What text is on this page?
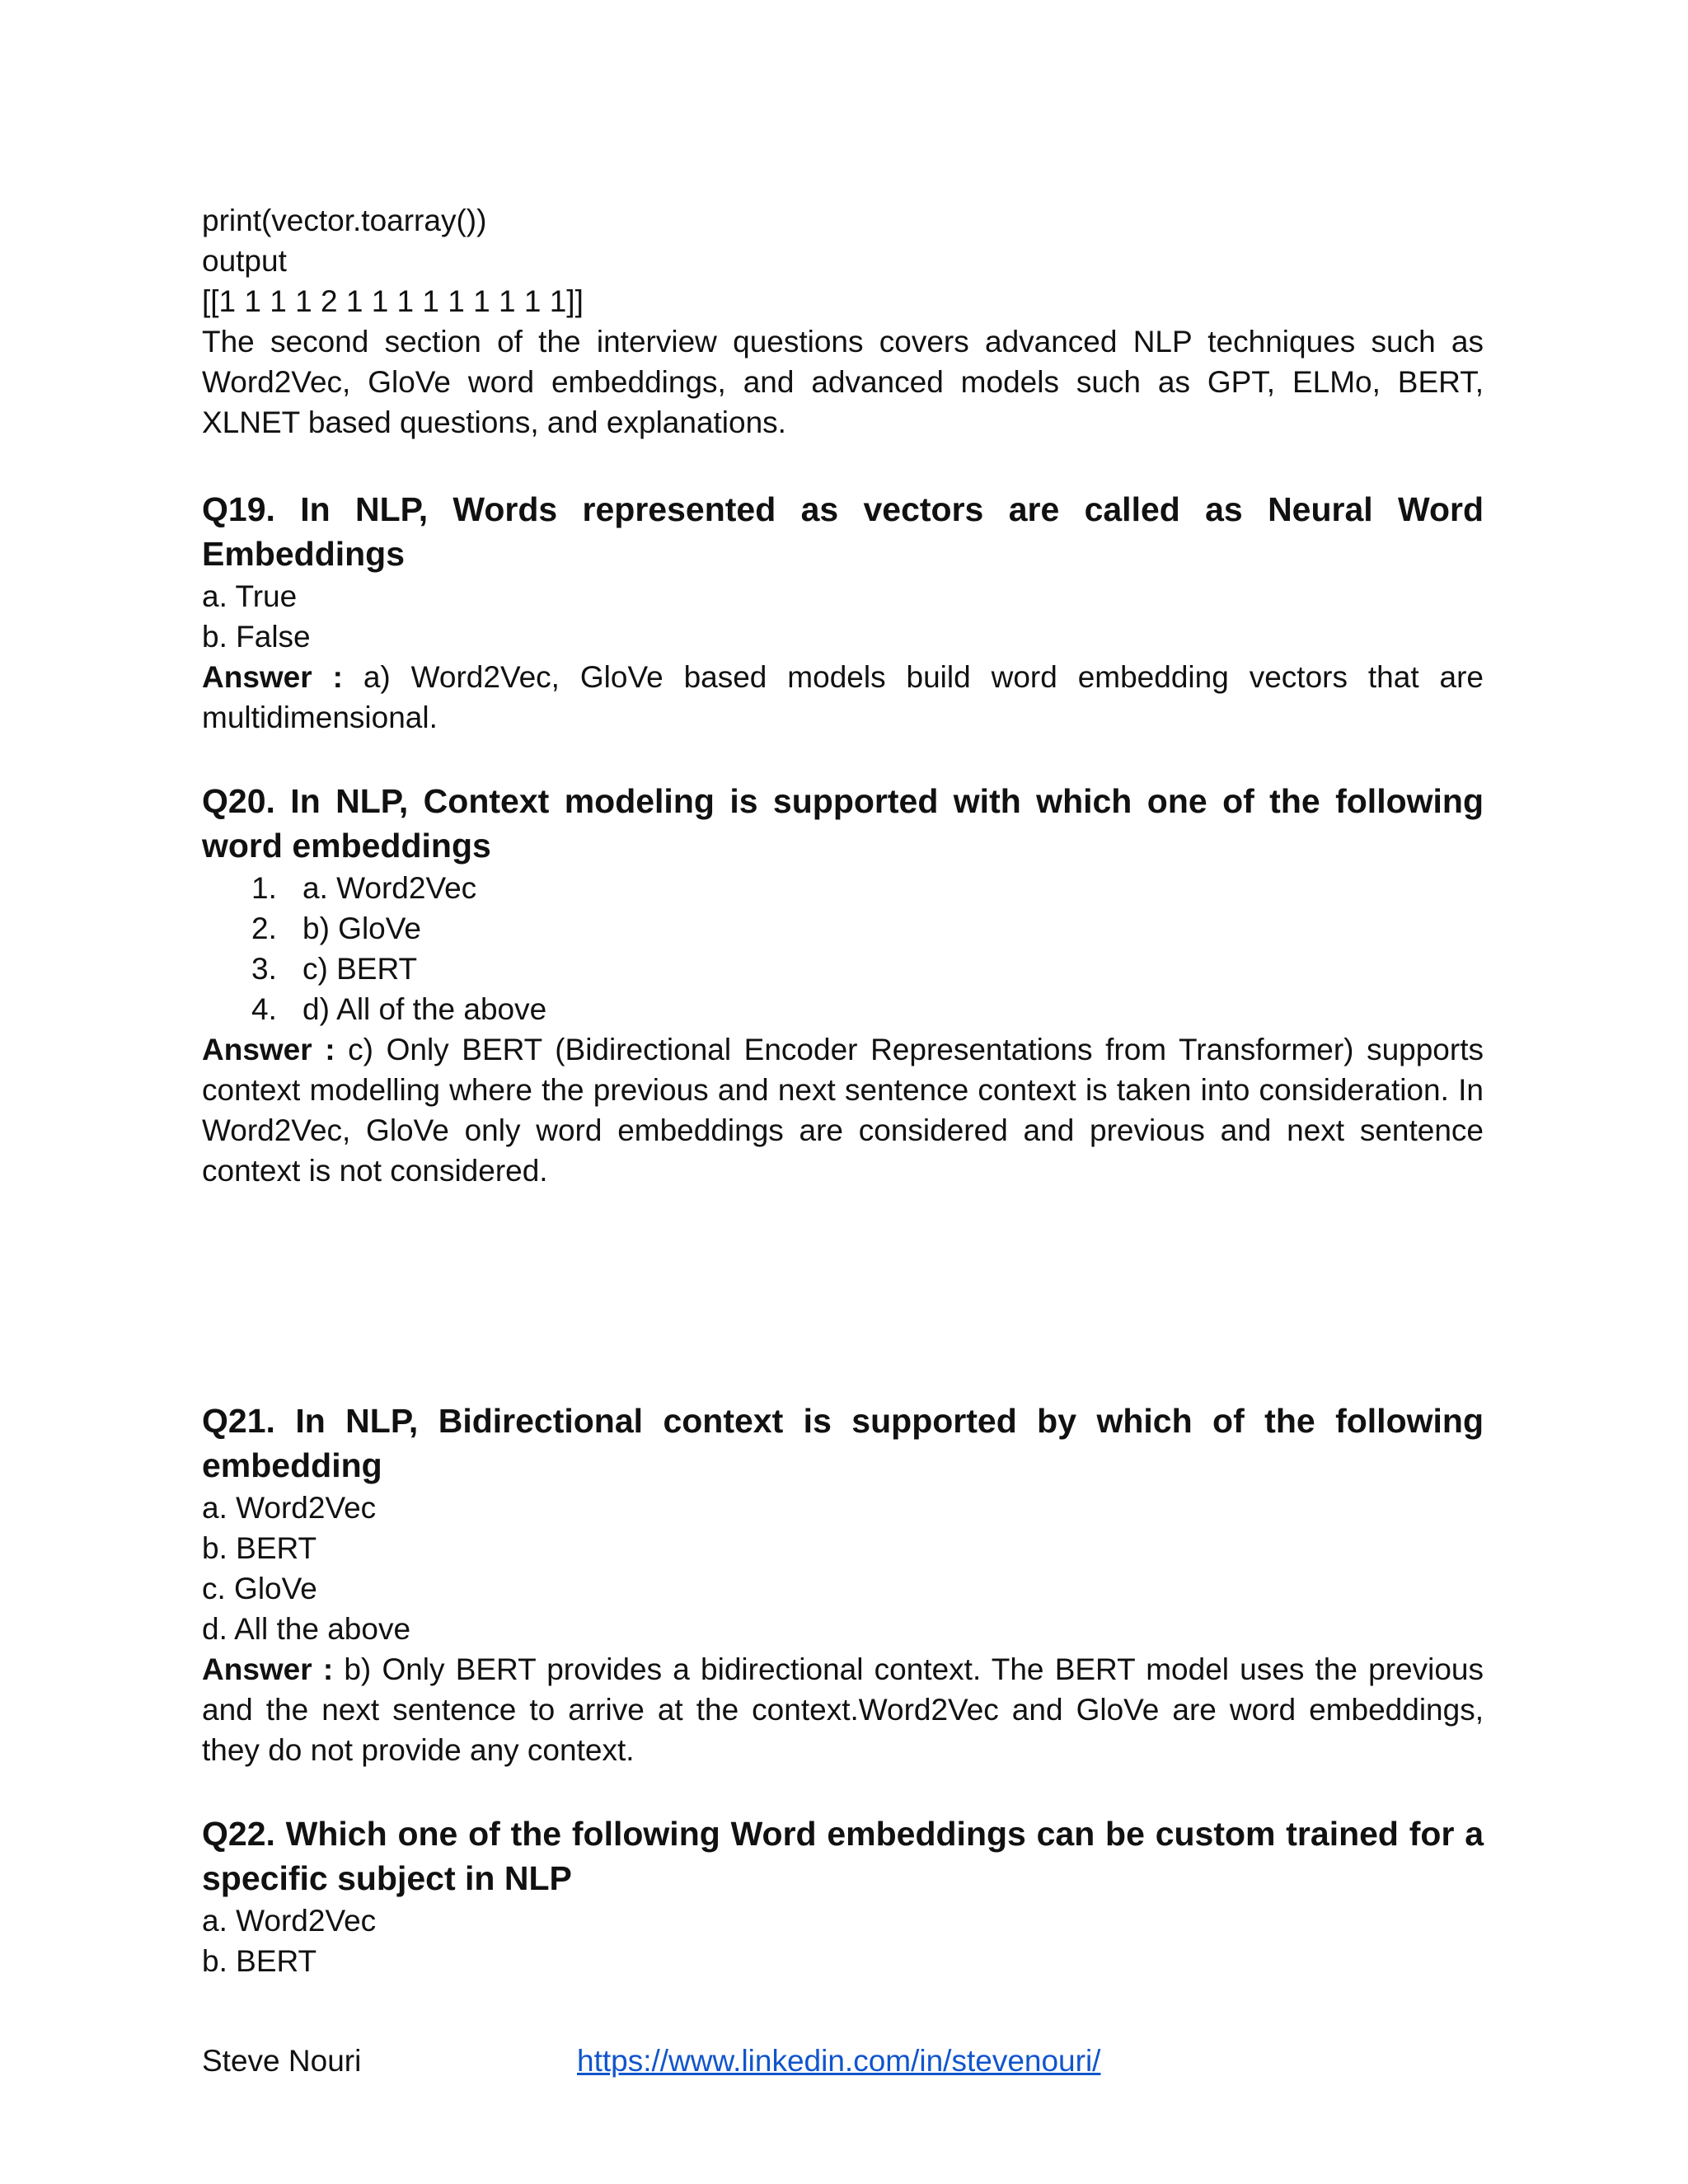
print(vector.toarray())

output

[[1 1 1 1 2 1 1 1 1 1 1 1 1 1]]

The second section of the interview questions covers advanced NLP techniques such as Word2Vec, GloVe word embeddings, and advanced models such as GPT, ELMo, BERT, XLNET based questions, and explanations.

Q19. In NLP, Words represented as vectors are called as Neural Word Embeddings

a. True

b. False

Answer : a) Word2Vec, GloVe based models build word embedding vectors that are multidimensional.

Q20. In NLP, Context modeling is supported with which one of the following word embeddings

1. a. Word2Vec
2. b) GloVe
3. c) BERT
4. d) All of the above

Answer : c) Only BERT (Bidirectional Encoder Representations from Transformer) supports context modelling where the previous and next sentence context is taken into consideration. In Word2Vec, GloVe only word embeddings are considered and previous and next sentence context is not considered.

Q21. In NLP, Bidirectional context is supported by which of the following embedding

a. Word2Vec

b. BERT

c. GloVe

d. All the above

Answer : b) Only BERT provides a bidirectional context. The BERT model uses the previous and the next sentence to arrive at the context.Word2Vec and GloVe are word embeddings, they do not provide any context.

Q22. Which one of the following Word embeddings can be custom trained for a specific subject in NLP

a. Word2Vec

b. BERT

Steve Nouri	https://www.linkedin.com/in/stevenouri/
